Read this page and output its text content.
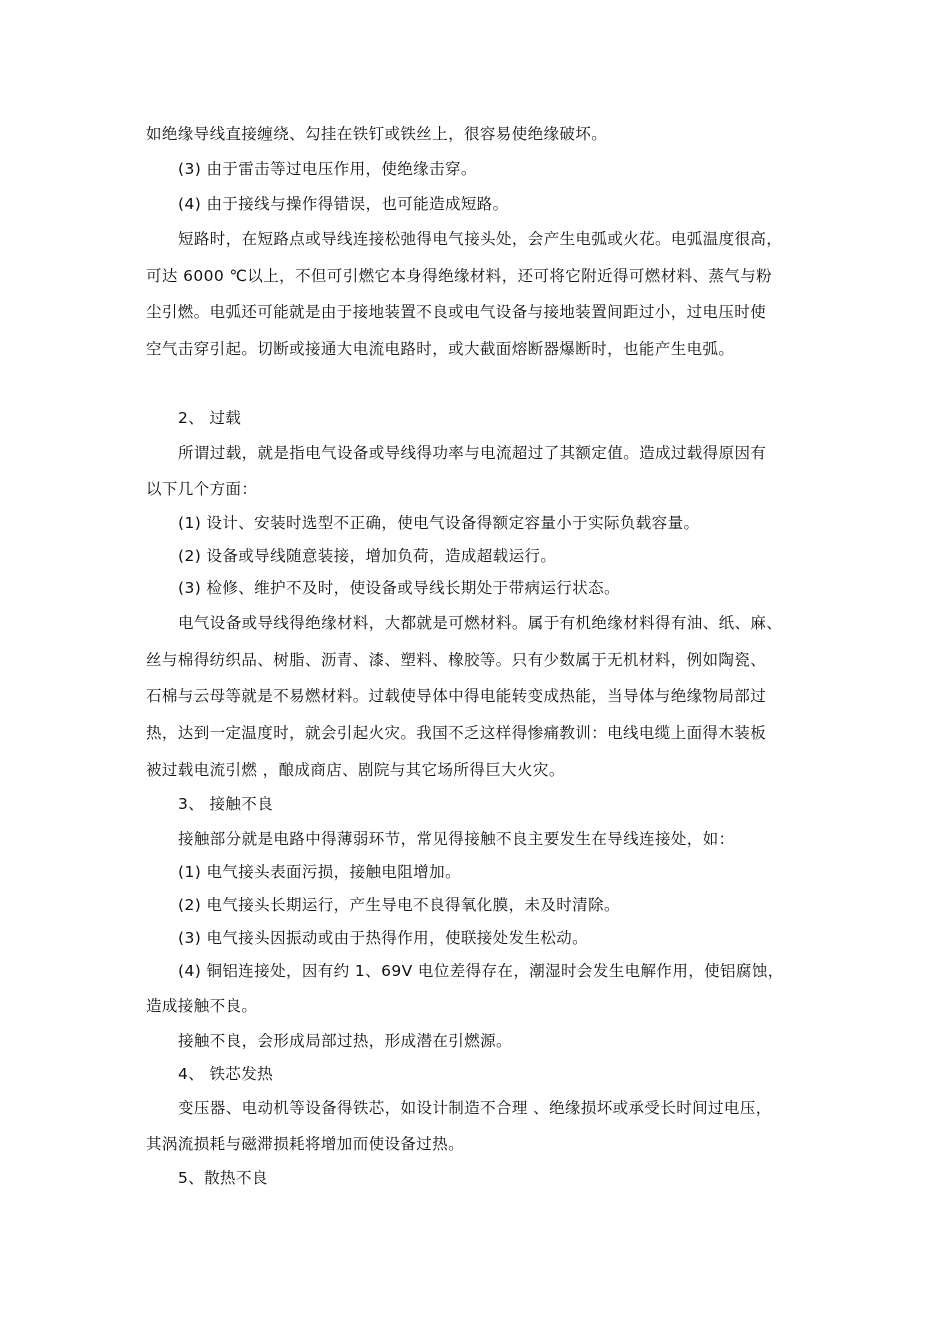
如绝缘导线直接缠绕、勾挂在铁钉或铁丝上，很容易使绝缘破坏。
(3) 由于雷击等过电压作用，使绝缘击穿。
(4) 由于接线与操作得错误，也可能造成短路。
短路时，在短路点或导线连接松弛得电气接头处，会产生电弧或火花。电弧温度很高，
可达 6000 ℃以上，不但可引燃它本身得绝缘材料，还可将它附近得可燃材料、蒸气与粉
尘引燃。电弧还可能就是由于接地装置不良或电气设备与接地装置间距过小，过电压时使
空气击穿引起。切断或接通大电流电路时，或大截面熔断器爆断时，也能产生电弧。
2、 过载
所谓过载，就是指电气设备或导线得功率与电流超过了其额定值。造成过载得原因有
以下几个方面：
(1) 设计、安装时选型不正确，使电气设备得额定容量小于实际负载容量。
(2) 设备或导线随意装接，增加负荷，造成超载运行。
(3) 检修、维护不及时，使设备或导线长期处于带病运行状态。
电气设备或导线得绝缘材料，大都就是可燃材料。属于有机绝缘材料得有油、纸、麻、
丝与棉得纺织品、树脂、沥青、漆、塑料、橡胶等。只有少数属于无机材料，例如陶瓷、
石棉与云母等就是不易燃材料。过载使导体中得电能转变成热能，当导体与绝缘物局部过
热，达到一定温度时，就会引起火灾。我国不乏这样得惨痛教训：电线电缆上面得木装板
被过载电流引燃 ，酿成商店、剧院与其它场所得巨大火灾。
3、 接触不良
接触部分就是电路中得薄弱环节，常见得接触不良主要发生在导线连接处，如：
(1) 电气接头表面污损，接触电阻增加。
(2) 电气接头长期运行，产生导电不良得氧化膜，未及时清除。
(3) 电气接头因振动或由于热得作用，使联接处发生松动。
(4) 铜铝连接处，因有约 1、69V 电位差得存在，潮湿时会发生电解作用，使铝腐蚀，
造成接触不良。
接触不良，会形成局部过热，形成潜在引燃源。
4、 铁芯发热
变压器、电动机等设备得铁芯，如设计制造不合理 、绝缘损坏或承受长时间过电压，
其涡流损耗与磁滞损耗将增加而使设备过热。
5、散热不良
